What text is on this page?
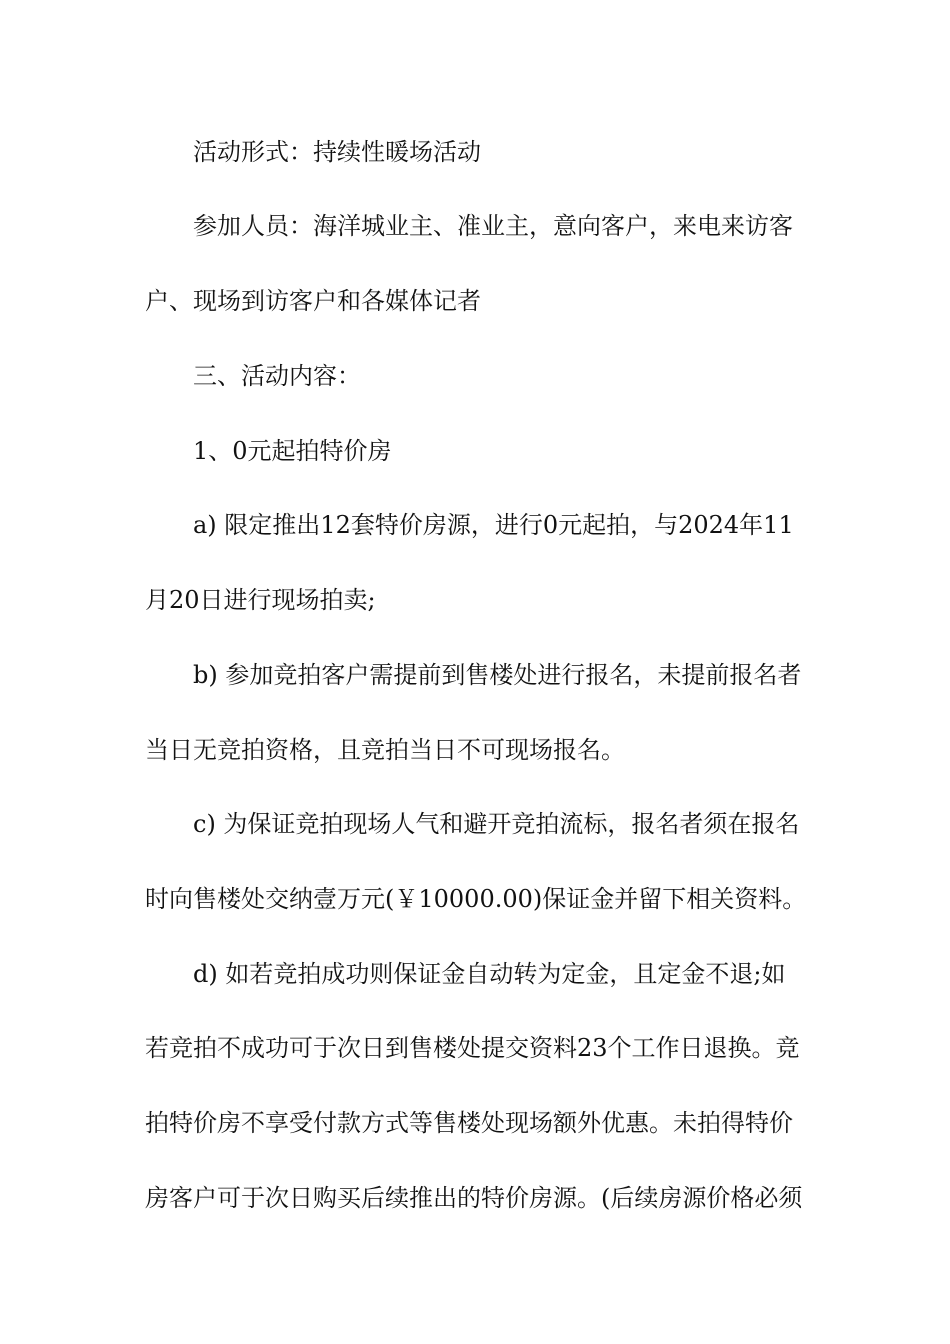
活动形式：持续性暖场活动

参加人员：海洋城业主、准业主，意向客户，来电来访客

户、现场到访客户和各媒体记者

三、活动内容：

1、0元起拍特价房

a) 限定推出12套特价房源，进行0元起拍，与2024年11

月20日进行现场拍卖;

b) 参加竞拍客户需提前到售楼处进行报名，未提前报名者

当日无竞拍资格，且竞拍当日不可现场报名。

c) 为保证竞拍现场人气和避开竞拍流标，报名者须在报名

时向售楼处交纳壹万元(￥10000.00)保证金并留下相关资料。

d) 如若竞拍成功则保证金自动转为定金，且定金不退;如

若竞拍不成功可于次日到售楼处提交资料23个工作日退换。竞

拍特价房不享受付款方式等售楼处现场额外优惠。未拍得特价

房客户可于次日购买后续推出的特价房源。(后续房源价格必须
